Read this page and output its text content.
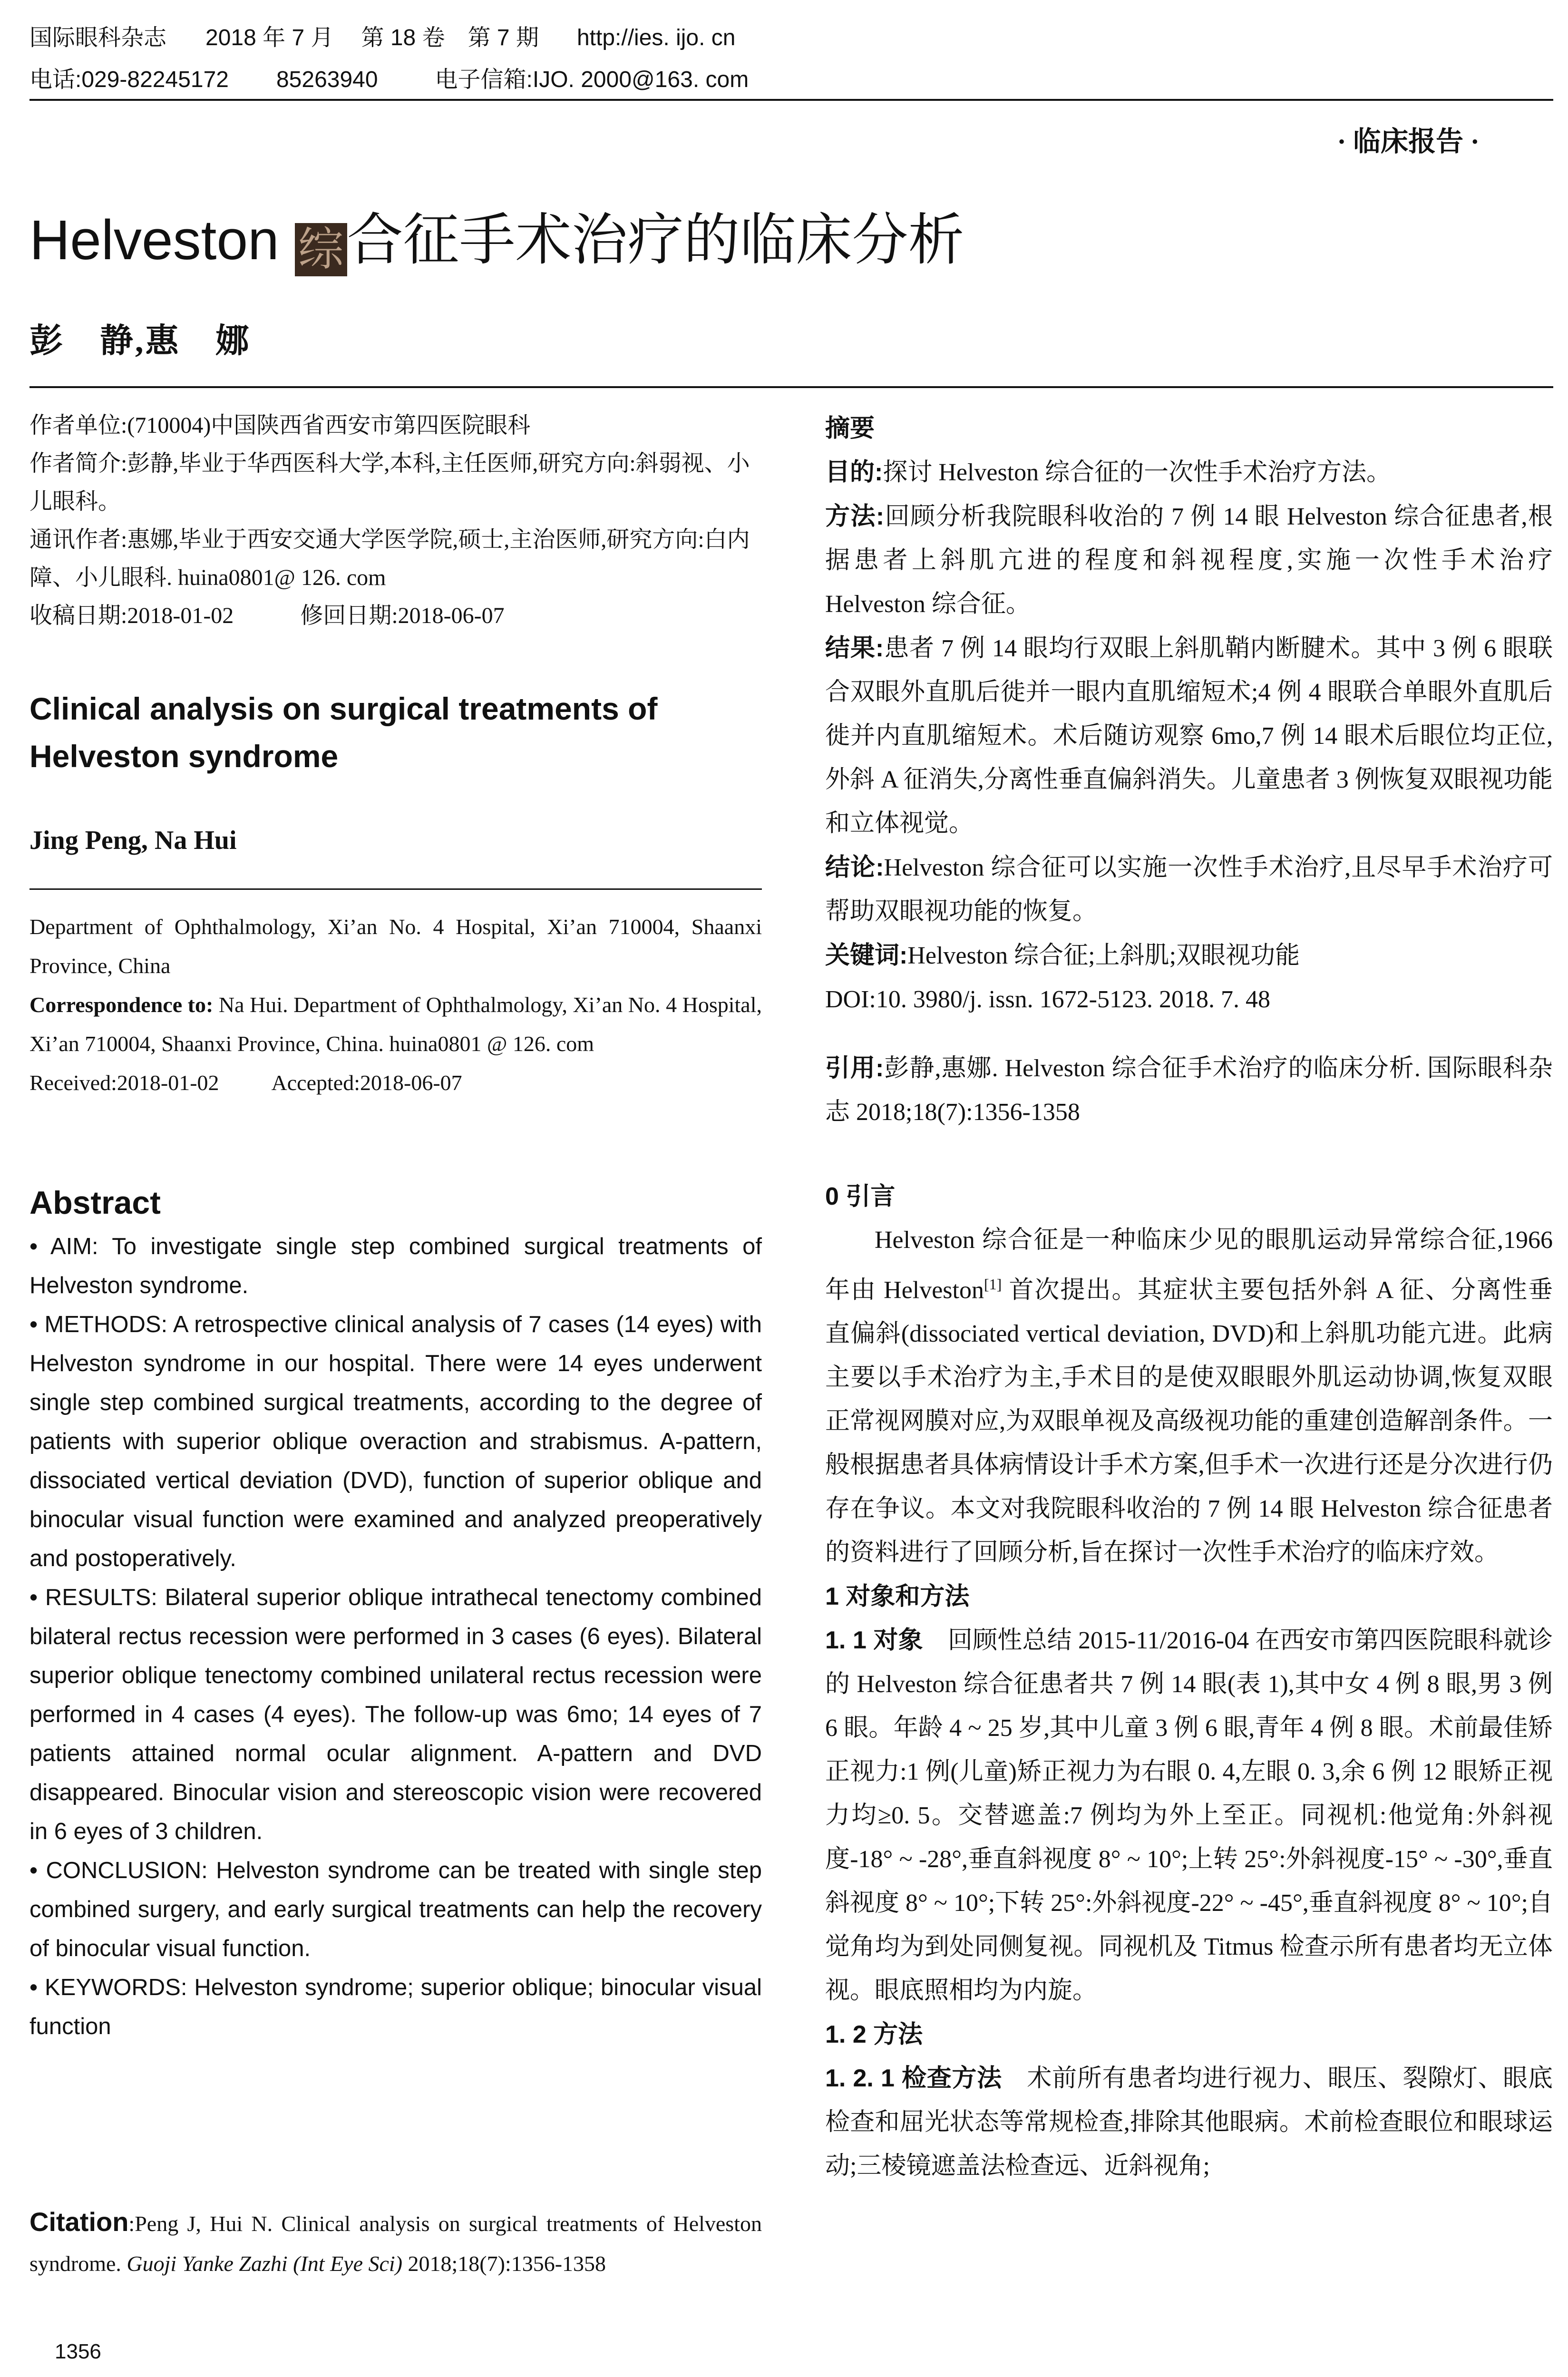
国际眼科杂志 2018 年 7 月 第 18 卷 第 7 期 http://ies. ijo. cn
电话:029-82245172 85263940	电子信箱:IJO. 2000@163. com
· 临床报告 ·
Helveston 综合征手术治疗的临床分析
彭　静,惠　娜

作者单位:(710004)中国陕西省西安市第四医院眼科

作者简介:彭静,毕业于华西医科大学,本科,主任医师,研究方向:斜弱视、小儿眼科。

通讯作者:惠娜,毕业于西安交通大学医学院,硕士,主治医师,研究方向:白内障、小儿眼科. huina0801@ 126. com

收稿日期:2018-01-02	修回日期:2018-06-07

Clinical analysis on surgical treatments of Helveston syndrome
Jing Peng, Na Hui

Department of Ophthalmology, Xi’an No. 4 Hospital, Xi’an 710004, Shaanxi Province, China

Correspondence to: Na Hui. Department of Ophthalmology, Xi’an No. 4 Hospital, Xi’an 710004, Shaanxi Province, China. huina0801 @ 126. com

Received:2018-01-02 Accepted:2018-06-07

Abstract

• AIM: To investigate single step combined surgical treatments of Helveston syndrome.

• METHODS: A retrospective clinical analysis of 7 cases (14 eyes) with Helveston syndrome in our hospital. There were 14 eyes underwent single step combined surgical treatments, according to the degree of patients with superior oblique overaction and strabismus. A-pattern, dissociated vertical deviation (DVD), function of superior oblique and binocular visual function were examined and analyzed preoperatively and postoperatively.

• RESULTS: Bilateral superior oblique intrathecal tenectomy combined bilateral rectus recession were performed in 3 cases (6 eyes). Bilateral superior oblique tenectomy combined unilateral rectus recession were performed in 4 cases (4 eyes). The follow-up was 6mo; 14 eyes of 7 patients attained normal ocular alignment. A-pattern and DVD disappeared. Binocular vision and stereoscopic vision were recovered in 6 eyes of 3 children.

• CONCLUSION: Helveston syndrome can be treated with single step combined surgery, and early surgical treatments can help the recovery of binocular visual function.

• KEYWORDS: Helveston syndrome; superior oblique; binocular visual function

Citation:Peng J, Hui N. Clinical analysis on surgical treatments of Helveston syndrome. Guoji Yanke Zazhi (Int Eye Sci) 2018;18(7):1356-1358

1356

摘要

目的:探讨 Helveston 综合征的一次性手术治疗方法。

方法:回顾分析我院眼科收治的 7 例 14 眼 Helveston 综合征患者,根据患者上斜肌亢进的程度和斜视程度,实施一次性手术治疗 Helveston 综合征。

结果:患者 7 例 14 眼均行双眼上斜肌鞘内断腱术。其中 3 例 6 眼联合双眼外直肌后徙并一眼内直肌缩短术;4 例 4 眼联合单眼外直肌后徙并内直肌缩短术。术后随访观察 6mo,7 例 14 眼术后眼位均正位,外斜 A 征消失,分离性垂直偏斜消失。儿童患者 3 例恢复双眼视功能和立体视觉。

结论:Helveston 综合征可以实施一次性手术治疗,且尽早手术治疗可帮助双眼视功能的恢复。

关键词:Helveston 综合征;上斜肌;双眼视功能

DOI:10. 3980/j. issn. 1672-5123. 2018. 7. 48

引用:彭静,惠娜. Helveston 综合征手术治疗的临床分析. 国际眼科杂志 2018;18(7):1356-1358

0 引言

Helveston 综合征是一种临床少见的眼肌运动异常综合征,1966 年由 Helveston[1] 首次提出。其症状主要包括外斜 A 征、分离性垂直偏斜(dissociated vertical deviation, DVD)和上斜肌功能亢进。此病主要以手术治疗为主,手术目的是使双眼眼外肌运动协调,恢复双眼正常视网膜对应,为双眼单视及高级视功能的重建创造解剖条件。一般根据患者具体病情设计手术方案,但手术一次进行还是分次进行仍存在争议。本文对我院眼科收治的 7 例 14 眼 Helveston 综合征患者的资料进行了回顾分析,旨在探讨一次性手术治疗的临床疗效。

1 对象和方法

1. 1 对象　回顾性总结 2015-11/2016-04 在西安市第四医院眼科就诊的 Helveston 综合征患者共 7 例 14 眼(表 1),其中女 4 例 8 眼,男 3 例 6 眼。年龄 4 ~ 25 岁,其中儿童 3 例 6 眼,青年 4 例 8 眼。术前最佳矫正视力:1 例(儿童)矫正视力为右眼 0. 4,左眼 0. 3,余 6 例 12 眼矫正视力均≥0. 5。交替遮盖:7 例均为外上至正。同视机:他觉角:外斜视度-18° ~ -28°,垂直斜视度 8° ~ 10°;上转 25°:外斜视度-15° ~ -30°,垂直斜视度 8° ~ 10°;下转 25°:外斜视度-22° ~ -45°,垂直斜视度 8° ~ 10°;自觉角均为到处同侧复视。同视机及 Titmus 检查示所有患者均无立体视。眼底照相均为内旋。

1. 2 方法

1. 2. 1 检查方法　术前所有患者均进行视力、眼压、裂隙灯、眼底检查和屈光状态等常规检查,排除其他眼病。术前检查眼位和眼球运动;三棱镜遮盖法检查远、近斜视角;
